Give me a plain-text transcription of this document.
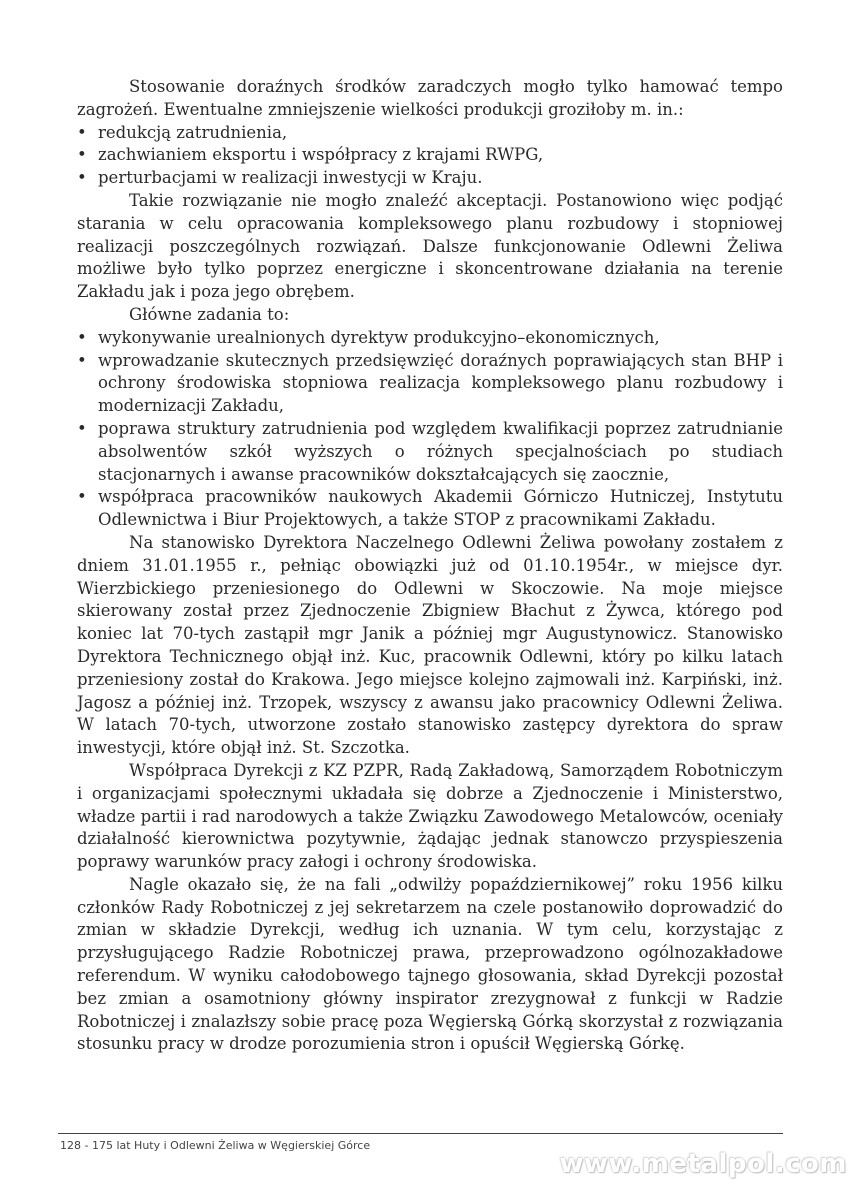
Stosowanie doraźnych środków zaradczych mogło tylko hamować tempo zagrożeń. Ewentualne zmniejszenie wielkości produkcji groziłoby m. in.:

• redukcją zatrudnienia,
• zachwianiem eksportu i współpracy z krajami RWPG,
• perturbacjami w realizacji inwestycji w Kraju.

Takie rozwiązanie nie mogło znaleźć akceptacji. Postanowiono więc podjąć starania w celu opracowania kompleksowego planu rozbudowy i stopniowej realizacji poszczególnych rozwiązań. Dalsze funkcjonowanie Odlewni Żeliwa możliwe było tylko poprzez energiczne i skoncentrowane działania na terenie Zakładu jak i poza jego obrębem.

Główne zadania to:

• wykonywanie urealnionych dyrektyw produkcyjno–ekonomicznych,
• wprowadzanie skutecznych przedsięwzięć doraźnych poprawiających stan BHP i ochrony środowiska stopniowa realizacja kompleksowego planu rozbudowy i modernizacji Zakładu,
• poprawa struktury zatrudnienia pod względem kwalifikacji poprzez zatrudnianie absolwentów szkół wyższych o różnych specjalnościach po studiach stacjonarnych i awanse pracowników dokształcających się zaocznie,
• współpraca pracowników naukowych Akademii Górniczo Hutniczej, Instytutu Odlewnictwa i Biur Projektowych, a także STOP z pracownikami Zakładu.

Na stanowisko Dyrektora Naczelnego Odlewni Żeliwa powołany zostałem z dniem 31.01.1955 r., pełniąc obowiązki już od 01.10.1954r., w miejsce dyr. Wierzbickiego przeniesionego do Odlewni w Skoczowie. Na moje miejsce skierowany został przez Zjednoczenie Zbigniew Błachut z Żywca, którego pod koniec lat 70-tych zastąpił mgr Janik a później mgr Augustynowicz. Stanowisko Dyrektora Technicznego objął inż. Kuc, pracownik Odlewni, który po kilku latach przeniesiony został do Krakowa. Jego miejsce kolejno zajmowali inż. Karpiński, inż. Jagosz a później inż. Trzopek, wszyscy z awansu jako pracownicy Odlewni Żeliwa. W latach 70-tych, utworzone zostało stanowisko zastępcy dyrektora do spraw inwestycji, które objął inż. St. Szczotka.

Współpraca Dyrekcji z KZ PZPR, Radą Zakładową, Samorządem Robotniczym i organizacjami społecznymi układała się dobrze a Zjednoczenie i Ministerstwo, władze partii i rad narodowych a także Związku Zawodowego Metalowców, oceniały działalność kierownictwa pozytywnie, żądając jednak stanowczo przyspieszenia poprawy warunków pracy załogi i ochrony środowiska.

Nagle okazało się, że na fali „odwilży popaździernikowej” roku 1956 kilku członków Rady Robotniczej z jej sekretarzem na czele postanowiło doprowadzić do zmian w składzie Dyrekcji, według ich uznania. W tym celu, korzystając z przysługującego Radzie Robotniczej prawa, przeprowadzono ogólnozakładowe referendum. W wyniku całodobowego tajnego głosowania, skład Dyrekcji pozostał bez zmian a osamotniony główny inspirator zrezygnował z funkcji w Radzie Robotniczej i znalazłszy sobie pracę poza Węgierską Górką skorzystał z rozwiązania stosunku pracy w drodze porozumienia stron i opuścił Węgierską Górkę.

128 - 175 lat Huty i Odlewni Żeliwa w Węgierskiej Górce
www.metalpol.com
